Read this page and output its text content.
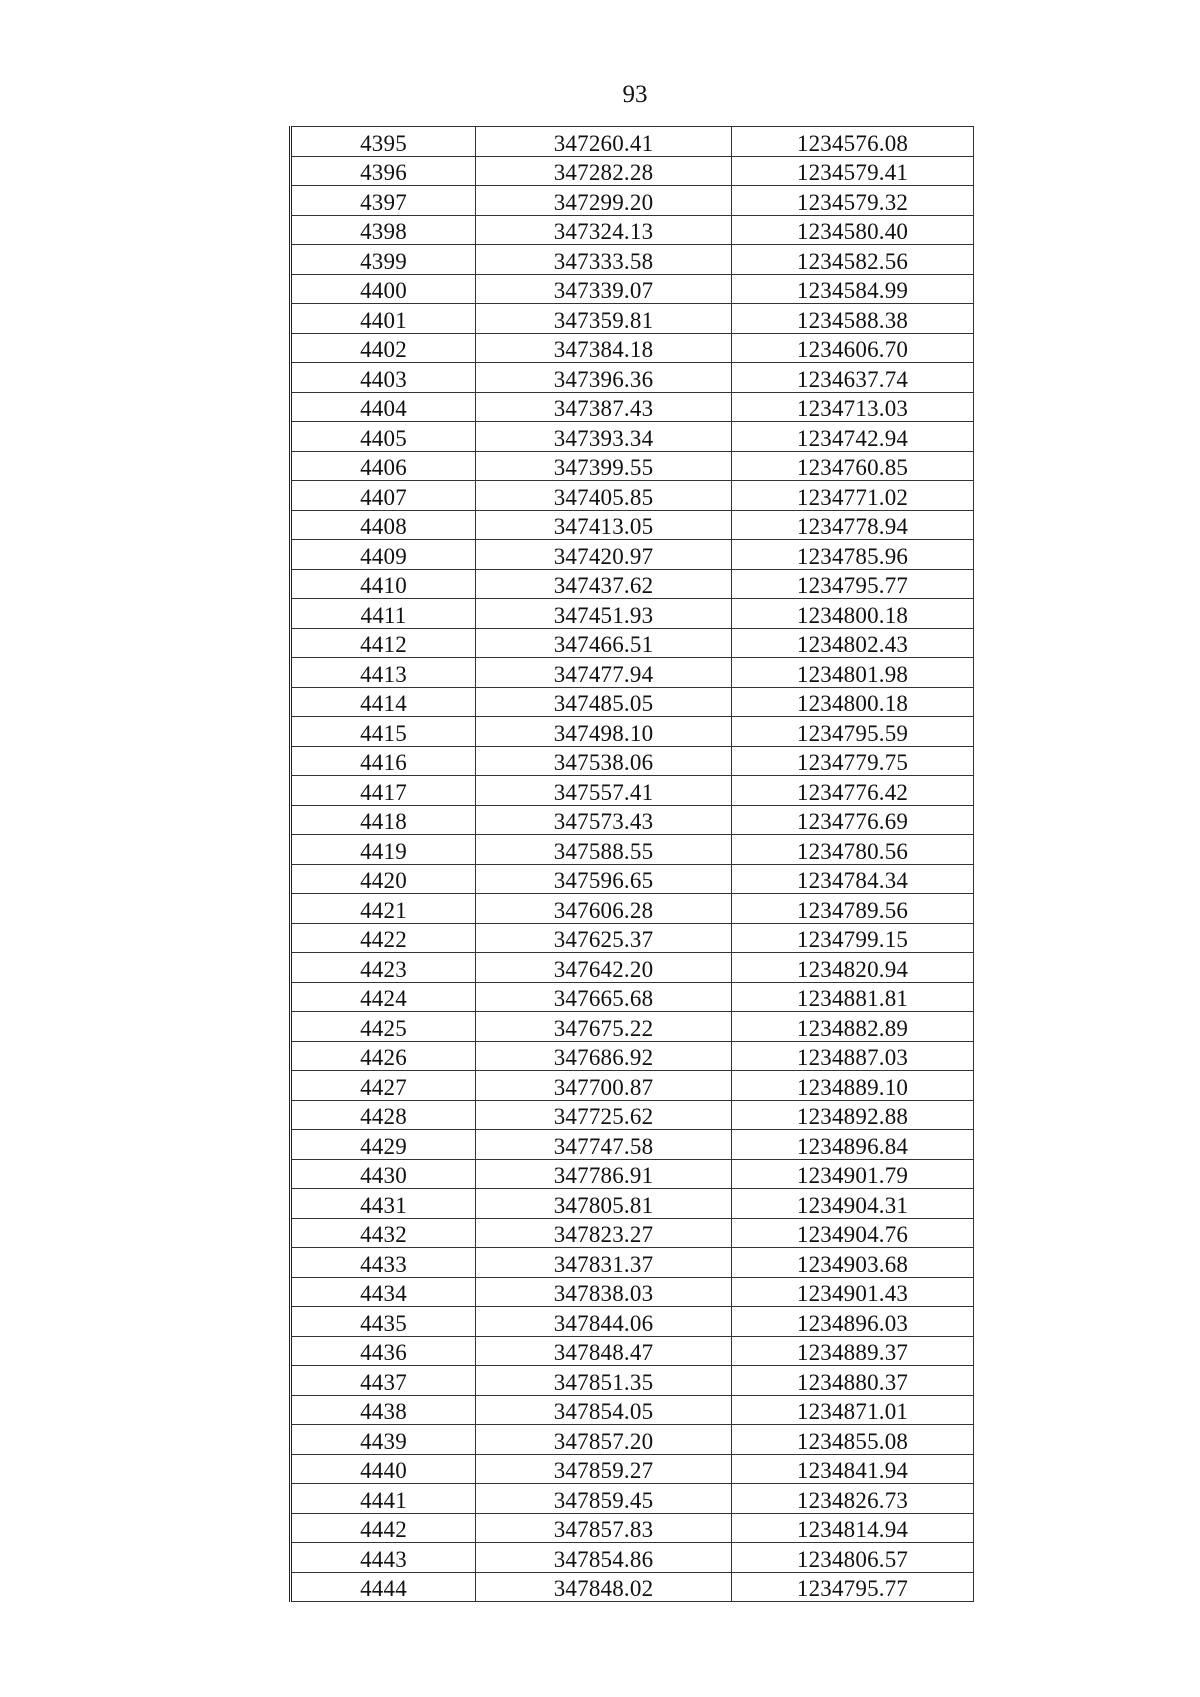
93
4395	347260.41	1234576.08
4396	347282.28	1234579.41
4397	347299.20	1234579.32
4398	347324.13	1234580.40
4399	347333.58	1234582.56
4400	347339.07	1234584.99
4401	347359.81	1234588.38
4402	347384.18	1234606.70
4403	347396.36	1234637.74
4404	347387.43	1234713.03
4405	347393.34	1234742.94
4406	347399.55	1234760.85
4407	347405.85	1234771.02
4408	347413.05	1234778.94
4409	347420.97	1234785.96
4410	347437.62	1234795.77
4411	347451.93	1234800.18
4412	347466.51	1234802.43
4413	347477.94	1234801.98
4414	347485.05	1234800.18
4415	347498.10	1234795.59
4416	347538.06	1234779.75
4417	347557.41	1234776.42
4418	347573.43	1234776.69
4419	347588.55	1234780.56
4420	347596.65	1234784.34
4421	347606.28	1234789.56
4422	347625.37	1234799.15
4423	347642.20	1234820.94
4424	347665.68	1234881.81
4425	347675.22	1234882.89
4426	347686.92	1234887.03
4427	347700.87	1234889.10
4428	347725.62	1234892.88
4429	347747.58	1234896.84
4430	347786.91	1234901.79
4431	347805.81	1234904.31
4432	347823.27	1234904.76
4433	347831.37	1234903.68
4434	347838.03	1234901.43
4435	347844.06	1234896.03
4436	347848.47	1234889.37
4437	347851.35	1234880.37
4438	347854.05	1234871.01
4439	347857.20	1234855.08
4440	347859.27	1234841.94
4441	347859.45	1234826.73
4442	347857.83	1234814.94
4443	347854.86	1234806.57
4444	347848.02	1234795.77
